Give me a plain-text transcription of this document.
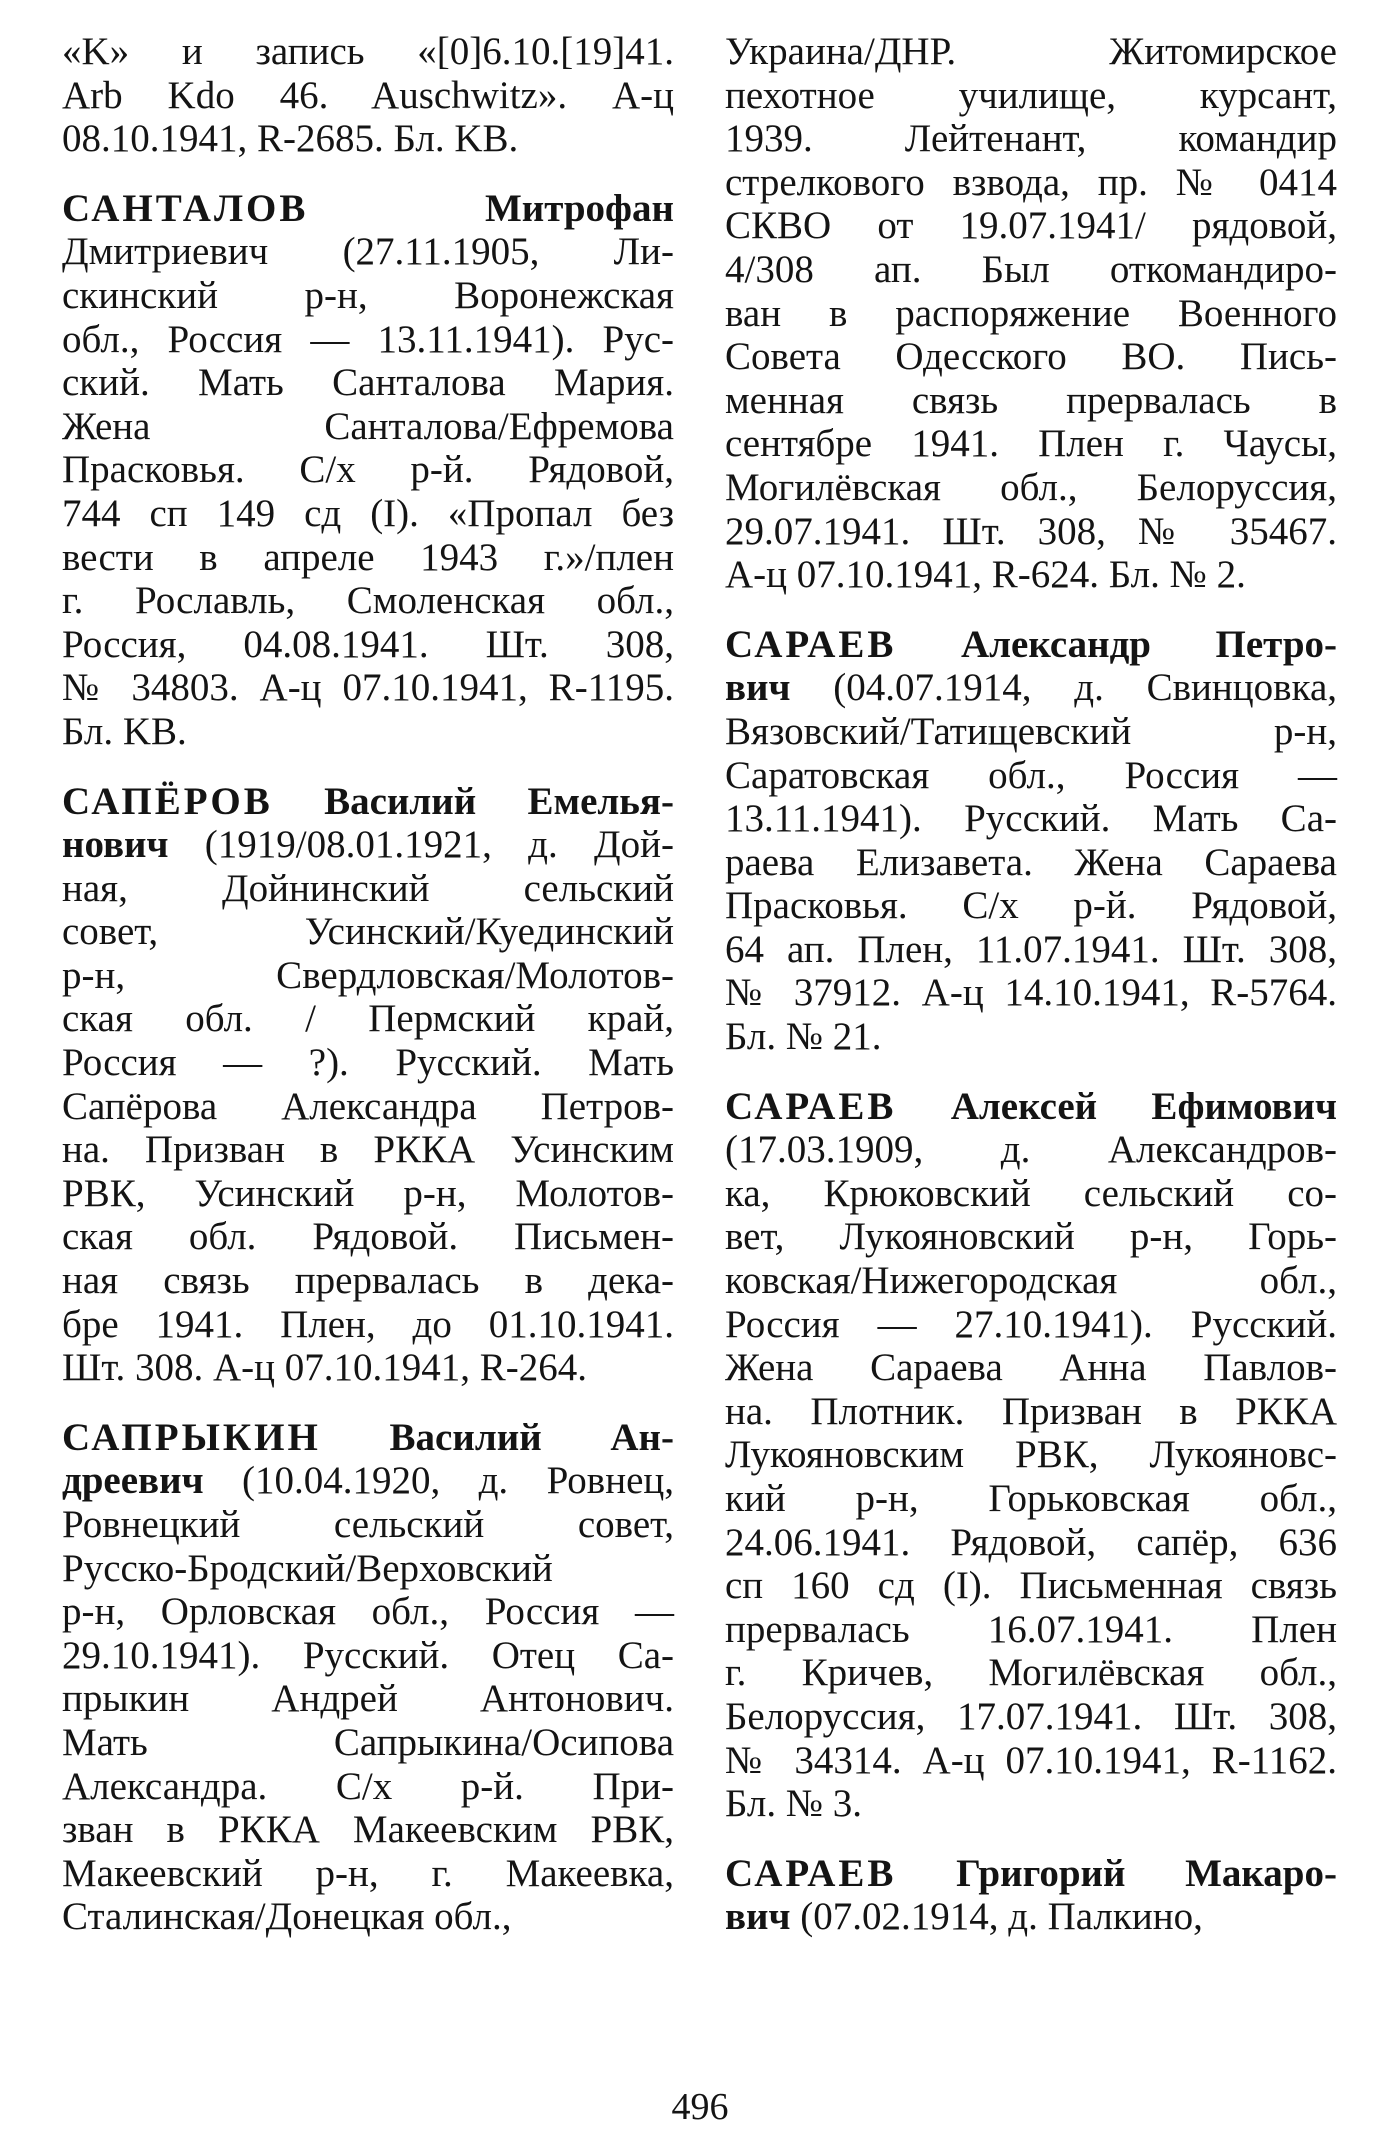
«K» и запись «[0]6.10.[19]41.
Arb Kdo 46. Auschwitz». А-ц
08.10.1941, R-2685. Бл. KB.
САНТАЛОВ	Митрофан
Дмитриевич (27.11.1905, Ли-
скинский р-н, Воронежская
обл., Россия — 13.11.1941). Рус-
ский. Мать Санталова Мария.
Жена Санталова/Ефремова
Прасковья. С/х р-й. Рядовой,
744 сп 149 сд (I). «Пропал без
вести в апреле 1943 г.»/плен
г. Рославль, Смоленская обл.,
Россия, 04.08.1941. Шт. 308,
№ 34803. А-ц 07.10.1941, R-1195.
Бл. KB.
САПЁРОВ Василий Емелья-
нович (1919/08.01.1921, д. Дой-
ная, Дойнинский сельский
совет, Усинский/Куединский
р-н, Свердловская/Молотов-
ская обл. / Пермский край,
Россия — ?). Русский. Мать
Сапёрова Александра Петров-
на. Призван в РККА Усинским
РВК, Усинский р-н, Молотов-
ская обл. Рядовой. Письмен-
ная связь прервалась в дека-
бре 1941. Плен, до 01.10.1941.
Шт. 308. А-ц 07.10.1941, R-264.
САПРЫКИН Василий Ан-
дреевич (10.04.1920, д. Ровнец,
Ровнецкий сельский совет,
Русско-Бродский/Верховский
р-н, Орловская обл., Россия —
29.10.1941). Русский. Отец Са-
прыкин Андрей Антонович.
Мать Сапрыкина/Осипова
Александра. С/х р-й. При-
зван в РККА Макеевским РВК,
Макеевский р-н, г. Макеевка,
Сталинская/Донецкая обл.,
Украина/ДНР. Житомирское
пехотное училище, курсант,
1939. Лейтенант, командир
стрелкового взвода, пр. № 0414
СКВО от 19.07.1941/ рядовой,
4/308 ап. Был откомандиро-
ван в распоряжение Военного
Совета Одесского ВО. Пись-
менная связь прервалась в
сентябре 1941. Плен г. Чаусы,
Могилёвская обл., Белоруссия,
29.07.1941. Шт. 308, № 35467.
А-ц 07.10.1941, R-624. Бл. № 2.
САРАЕВ Александр Петро-
вич (04.07.1914, д. Свинцовка,
Вязовский/Татищевский р-н,
Саратовская обл., Россия —
13.11.1941). Русский. Мать Са-
раева Елизавета. Жена Сараева
Прасковья. С/х р-й. Рядовой,
64 ап. Плен, 11.07.1941. Шт. 308,
№ 37912. А-ц 14.10.1941, R-5764.
Бл. № 21.
САРАЕВ Алексей Ефимович
(17.03.1909, д. Александров-
ка, Крюковский сельский со-
вет, Лукояновский р-н, Горь-
ковская/Нижегородская обл.,
Россия — 27.10.1941). Русский.
Жена Сараева Анна Павлов-
на. Плотник. Призван в РККА
Лукояновским РВК, Лукояновс-
кий р-н, Горьковская обл.,
24.06.1941. Рядовой, сапёр, 636
сп 160 сд (I). Письменная связь
прервалась 16.07.1941. Плен
г. Кричев, Могилёвская обл.,
Белоруссия, 17.07.1941. Шт. 308,
№ 34314. А-ц 07.10.1941, R-1162.
Бл. № 3.
САРАЕВ Григорий Макаро-
вич (07.02.1914, д. Палкино,
496
